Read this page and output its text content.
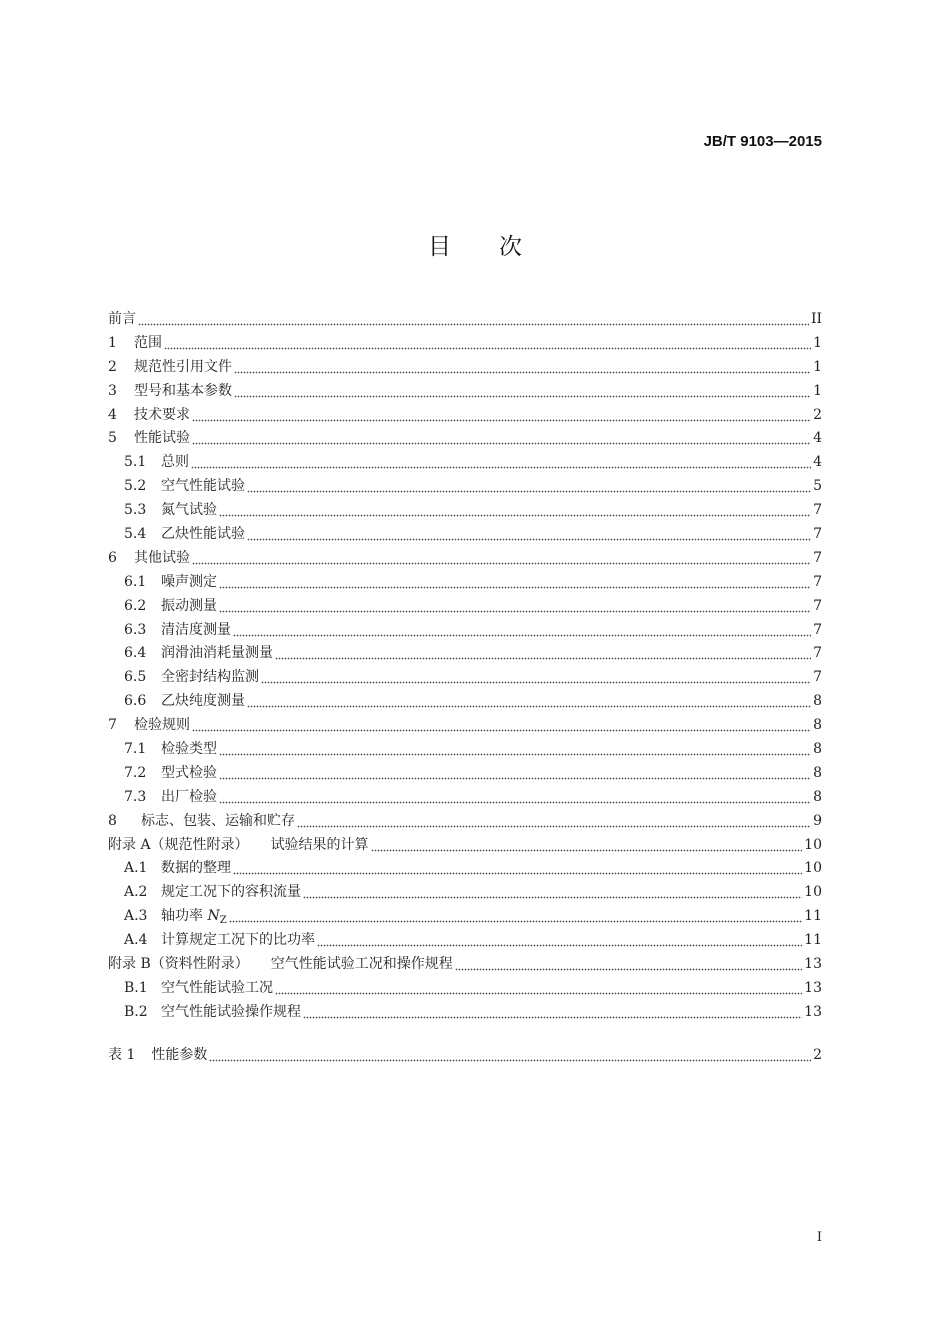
JB/T 9103—2015
目次
前言	II
1	范围	1
2	规范性引用文件	1
3	型号和基本参数	1
4	技术要求	2
5	性能试验	4
5.1	总则	4
5.2	空气性能试验	5
5.3	氮气试验	7
5.4	乙炔性能试验	7
6	其他试验	7
6.1	噪声测定	7
6.2	振动测量	7
6.3	清洁度测量	7
6.4	润滑油消耗量测量	7
6.5	全密封结构监测	7
6.6	乙炔纯度测量	8
7	检验规则	8
7.1	检验类型	8
7.2	型式检验	8
7.3	出厂检验	8
8	标志、包装、运输和贮存	9
附录 A（规范性附录） 试验结果的计算	10
A.1 数据的整理	10
A.2 规定工况下的容积流量	10
A.3 轴功率 $N_Z$	11
A.4 计算规定工况下的比功率	11
附录 B（资料性附录） 空气性能试验工况和操作规程	13
B.1 空气性能试验工况	13
B.2 空气性能试验操作规程	13
表 1 性能参数	2
I
